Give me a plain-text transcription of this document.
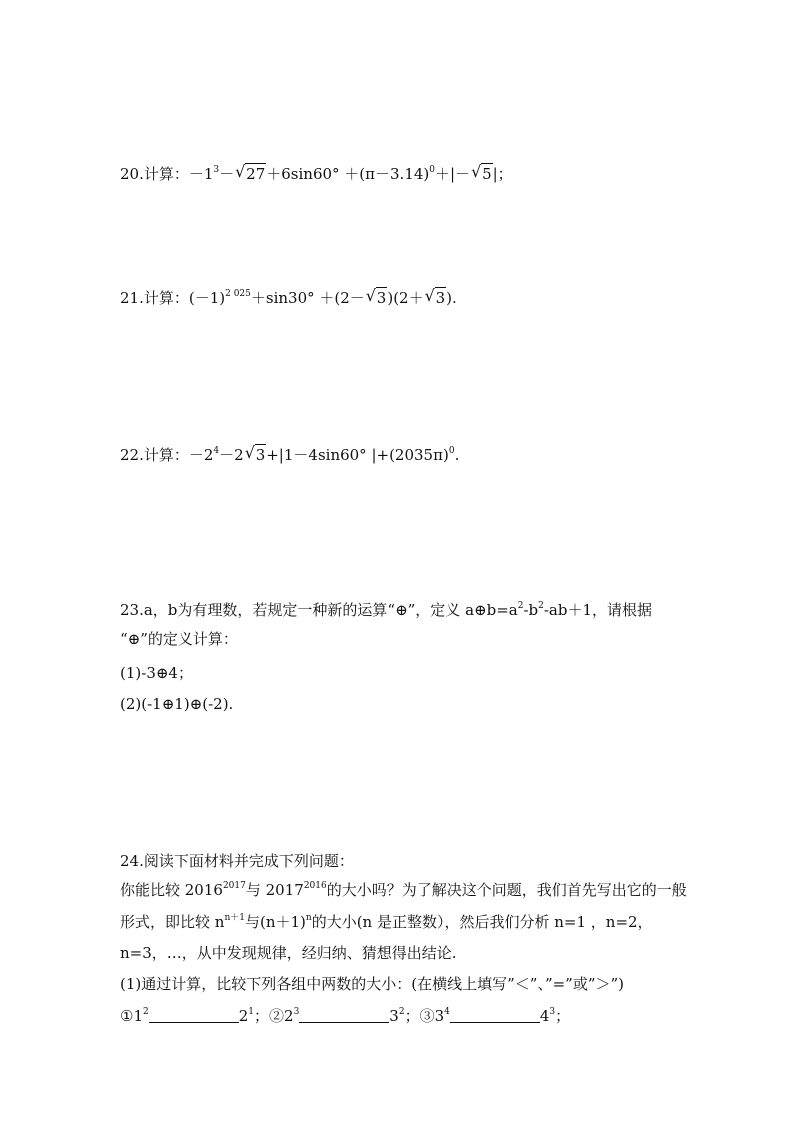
20.计算：$-1^3-√$ $27+6\sin 60^\circ +(\pi-3.14)^0+|-√$ 5|；
21.计算：$(-1)^{2 025}+\sin 30^\circ +(2-√$ 3)(2＋√ 3).
22.计算：$-2^4-2√$ 3+|1－4sin60° $|+(2035\pi)^0$.
23.a，b为有理数，若规定一种新的运算“⊕”，定义 $a\oplus b=a^2-b^2-ab+1$，请根据
“⊕”的定义计算：
(1)-3⊕4；
(2)(-1⊕1)⊕(-2).
24.阅读下面材料并完成下列问题：
你能比较 $2016^{2017}$与 $2017^{2016}$的大小吗？为了解决这个问题，我们首先写出它的一般
形式，即比较 $n^{n+1}$与$(n+1)^n$的大小(n 是正整数），然后我们分析 n=1 ，n=2，
n=3，…，从中发现规律，经归纳、猜想得出结论.
(1)通过计算，比较下列各组中两数的大小：(在横线上填写”＜”、”=”或”＞”)
$①1^2$	$2^1$；$②2^3$	$3^2$；$③3^4$	$4^3$；
